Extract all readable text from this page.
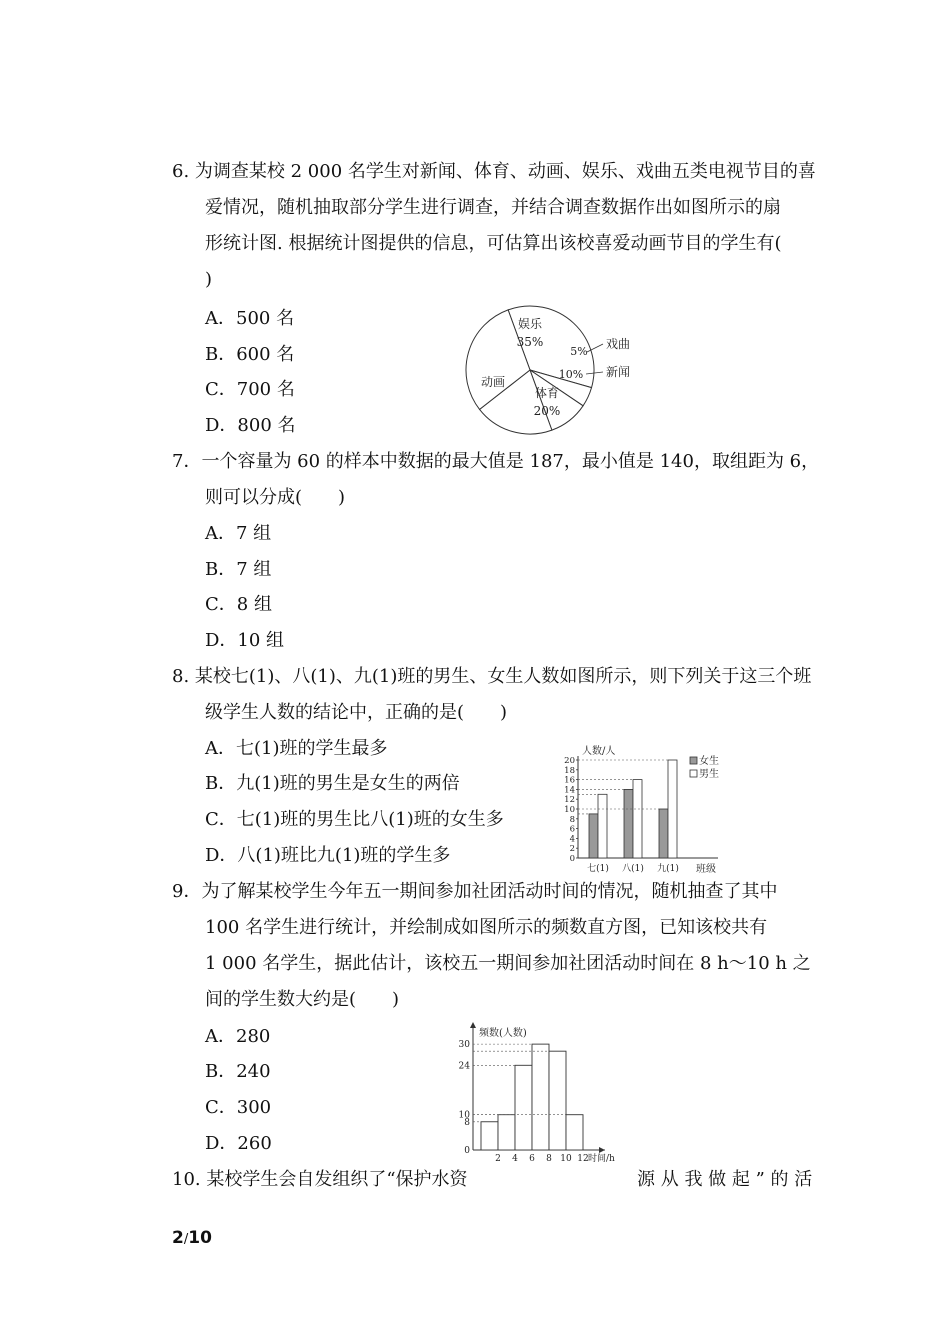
6. 为调查某校 2 000 名学生对新闻、体育、动画、娱乐、戏曲五类电视节目的喜
爱情况，随机抽取部分学生进行调查，并结合调查数据作出如图所示的扇
形统计图. 根据统计图提供的信息，可估算出该校喜爱动画节目的学生有(
)
A．500 名
B．600 名
C．700 名
D．800 名
娱乐
35%
5%
戏曲
10% 新闻
体育
20%
动画
7．一个容量为 60 的样本中数据的最大值是 187，最小值是 140，取组距为 6，
则可以分成(　　)
A．7 组
B．7 组
C．8 组
D．10 组
8. 某校七(1)、八(1)、九(1)班的男生、女生人数如图所示，则下列关于这三个班
级学生人数的结论中，正确的是(　　)
A．七(1)班的学生最多
B．九(1)班的男生是女生的两倍
C．七(1)班的男生比八(1)班的女生多
D．八(1)班比九(1)班的学生多	0
2
4
6
8
10
12
14
16
18
20
人数/人
班级
七(1) 八(1) 九(1)
女生
男生
9．为了解某校学生今年五一期间参加社团活动时间的情况，随机抽查了其中
100 名学生进行统计，并绘制成如图所示的频数直方图，已知该校共有
1 000 名学生，据此估计，该校五一期间参加社团活动时间在 8 h～10 h 之
间的学生数大约是(　　)
A．280
B．240
C．300
D．260
频数(人数)
0
8
10
24
30
2 4 6 8 10 12 时间/h
10. 某校学生会自发组织了“保护水资	源 从 我 做 起 ” 的 活
2/10
